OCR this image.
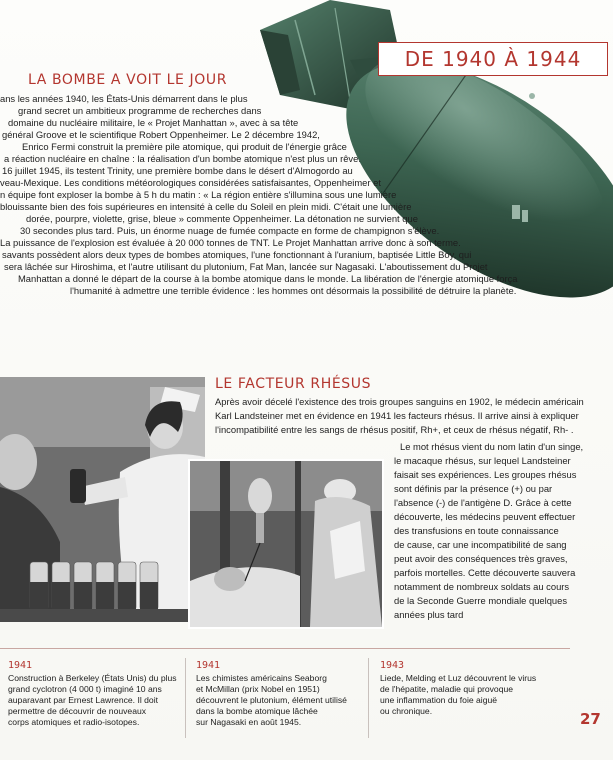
DE 1940 À 1944
LA BOMBE A VOIT LE JOUR
ans les années 1940, les États-Unis démarrent dans le plus
grand secret un ambitieux programme de recherches dans
domaine du nucléaire militaire, le « Projet Manhattan », avec à sa tête
général Groove et le scientifique Robert Oppenheimer. Le 2 décembre 1942,
Enrico Fermi construit la première pile atomique, qui produit de l'énergie grâce
a réaction nucléaire en chaîne : la réalisation d'un bombe atomique n'est plus un rêve.
16 juillet 1945, ils testent Trinity, une première bombe dans le désert d'Almogordo au
veau-Mexique. Les conditions météorologiques considérées satisfaisantes, Oppenheimer et
n équipe font exploser la bombe à 5 h du matin : « La région entière s'illumina sous une lumière
blouissante bien des fois supérieures en intensité à celle du Soleil en plein midi. C'était une lumière
dorée, pourpre, violette, grise, bleue » commente Oppenheimer. La détonation ne survient que
30 secondes plus tard. Puis, un énorme nuage de fumée compacte en forme de champignon s'élève.
La puissance de l'explosion est évaluée à 20 000 tonnes de TNT. Le Projet Manhattan arrive donc à son terme.
savants possèdent alors deux types de bombes atomiques, l'une fonctionnant à l'uranium, baptisée Little Boy, qui
sera lâchée sur Hiroshima, et l'autre utilisant du plutonium, Fat Man, lancée sur Nagasaki. L'aboutissement du Projet
Manhattan a donné le départ de la course à la bombe atomique dans le monde. La libération de l'énergie atomique força
l'humanité à admettre une terrible évidence : les hommes ont désormais la possibilité de détruire la planète.
LE FACTEUR RHÉSUS
Après avoir décelé l'existence des trois groupes sanguins en 1902, le médecin américain
Karl Landsteiner met en évidence en 1941 les facteurs rhésus. Il arrive ainsi à expliquer
l'incompatibilité entre les sangs de rhésus positif, Rh+, et ceux de rhésus négatif, Rh- .
Le mot rhésus vient du nom latin d'un singe,
le macaque rhésus, sur lequel Landsteiner
faisait ses expériences. Les groupes rhésus
sont définis par la présence (+) ou par
l'absence (-) de l'antigène D. Grâce à cette
découverte, les médecins peuvent effectuer
des transfusions en toute connaissance
de cause, car une incompatibilité de sang
peut avoir des conséquences très graves,
parfois mortelles. Cette découverte sauvera
notamment de nombreux soldats au cours
de la Seconde Guerre mondiale quelques
années plus tard
1941
Construction à Berkeley (États Unis) du plus
grand cyclotron (4 000 t) imaginé 10 ans
auparavant par Ernest Lawrence. Il doit
permettre de découvrir de nouveaux
corps atomiques et radio-isotopes.
1941
Les chimistes américains Seaborg
et McMillan (prix Nobel en 1951)
découvrent le plutonium, élément utilisé
dans la bombe atomique lâchée
sur Nagasaki en août 1945.
1943
Liede, Melding et Luz découvrent le virus
de l'hépatite, maladie qui provoque
une inflammation du foie aiguë
ou chronique.	27
